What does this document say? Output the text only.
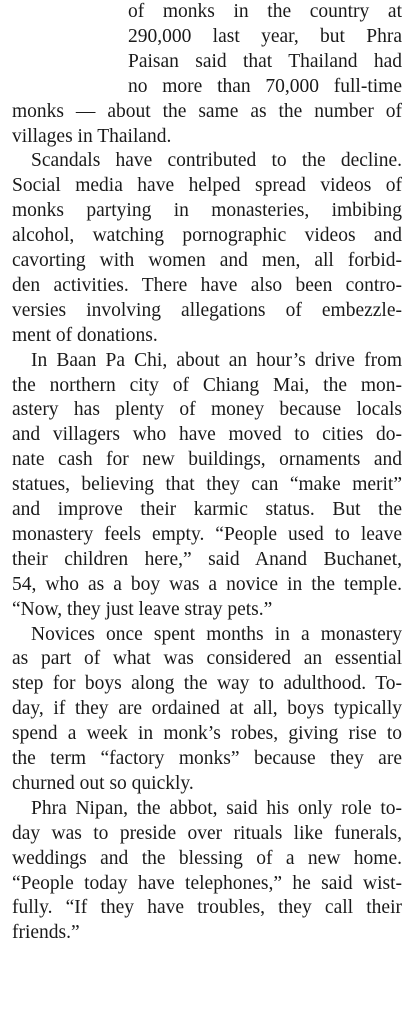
of monks in the country at
290,000 last year, but Phra
Paisan said that Thailand had
no more than 70,000 full-time
monks — about the same as the number of
villages in Thailand.
Scandals have contributed to the decline.
Social media have helped spread videos of
monks partying in monasteries, imbibing
alcohol, watching pornographic videos and
cavorting with women and men, all forbid-
den activities. There have also been contro-
versies involving allegations of embezzle-
ment of donations.
In Baan Pa Chi, about an hour’s drive from
the northern city of Chiang Mai, the mon-
astery has plenty of money because locals
and villagers who have moved to cities do-
nate cash for new buildings, ornaments and
statues, believing that they can “make merit”
and improve their karmic status. But the
monastery feels empty. “People used to leave
their children here,” said Anand Buchanet,
54, who as a boy was a novice in the temple.
“Now, they just leave stray pets.”
Novices once spent months in a monastery
as part of what was considered an essential
step for boys along the way to adulthood. To-
day, if they are ordained at all, boys typically
spend a week in monk’s robes, giving rise to
the term “factory monks” because they are
churned out so quickly.
Phra Nipan, the abbot, said his only role to-
day was to preside over rituals like funerals,
weddings and the blessing of a new home.
“People today have telephones,” he said wist-
fully. “If they have troubles, they call their
friends.”
